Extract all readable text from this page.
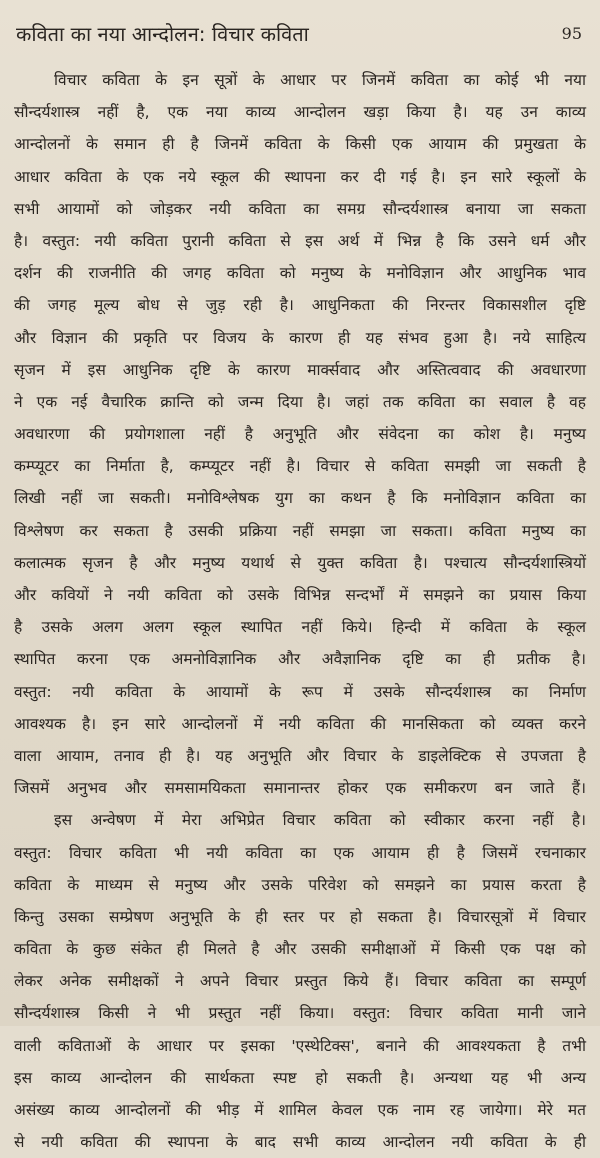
कविता का नया आन्दोलन: विचार कविता	95
विचार कविता के इन सूत्रों के आधार पर जिनमें कविता का कोई भी नया
सौन्दर्यशास्त्र नहीं है, एक नया काव्य आन्दोलन खड़ा किया है। यह उन काव्य
आन्दोलनों के समान ही है जिनमें कविता के किसी एक आयाम की प्रमुखता के
आधार कविता के एक नये स्कूल की स्थापना कर दी गई है। इन सारे स्कूलों के
सभी आयामों को जोड़कर नयी कविता का समग्र सौन्दर्यशास्त्र बनाया जा सकता
है। वस्तुत: नयी कविता पुरानी कविता से इस अर्थ में भिन्न है कि उसने धर्म और
दर्शन की राजनीति की जगह कविता को मनुष्य के मनोविज्ञान और आधुनिक भाव
की जगह मूल्य बोध से जुड़ रही है। आधुनिकता की निरन्तर विकासशील दृष्टि
और विज्ञान की प्रकृति पर विजय के कारण ही यह संभव हुआ है। नये साहित्य
सृजन में इस आधुनिक दृष्टि के कारण मार्क्सवाद और अस्तित्ववाद की अवधारणा
ने एक नई वैचारिक क्रान्ति को जन्म दिया है। जहां तक कविता का सवाल है वह
अवधारणा की प्रयोगशाला नहीं है अनुभूति और संवेदना का कोश है। मनुष्य
कम्प्यूटर का निर्माता है, कम्प्यूटर नहीं है। विचार से कविता समझी जा सकती है
लिखी नहीं जा सकती। मनोविश्लेषक युग का कथन है कि मनोविज्ञान कविता का
विश्लेषण कर सकता है उसकी प्रक्रिया नहीं समझा जा सकता। कविता मनुष्य का
कलात्मक सृजन है और मनुष्य यथार्थ से युक्त कविता है। पश्चात्य सौन्दर्यशास्त्रियों
और कवियों ने नयी कविता को उसके विभिन्न सन्दर्भों में समझने का प्रयास किया
है उसके अलग अलग स्कूल स्थापित नहीं किये। हिन्दी में कविता के स्कूल
स्थापित करना एक अमनोविज्ञानिक और अवैज्ञानिक दृष्टि का ही प्रतीक है।
वस्तुत: नयी कविता के आयामों के रूप में उसके सौन्दर्यशास्त्र का निर्माण
आवश्यक है। इन सारे आन्दोलनों में नयी कविता की मानसिकता को व्यक्त करने
वाला आयाम, तनाव ही है। यह अनुभूति और विचार के डाइलेक्टिक से उपजता है
जिसमें अनुभव और समसामयिकता समानान्तर होकर एक समीकरण बन जाते हैं।
इस अन्वेषण में मेरा अभिप्रेत विचार कविता को स्वीकार करना नहीं है।
वस्तुत: विचार कविता भी नयी कविता का एक आयाम ही है जिसमें रचनाकार
कविता के माध्यम से मनुष्य और उसके परिवेश को समझने का प्रयास करता है
किन्तु उसका सम्प्रेषण अनुभूति के ही स्तर पर हो सकता है। विचारसूत्रों में विचार
कविता के कुछ संकेत ही मिलते है और उसकी समीक्षाओं में किसी एक पक्ष को
लेकर अनेक समीक्षकों ने अपने विचार प्रस्तुत किये हैं। विचार कविता का सम्पूर्ण
सौन्दर्यशास्त्र किसी ने भी प्रस्तुत नहीं किया। वस्तुत: विचार कविता मानी जाने
वाली कविताओं के आधार पर इसका 'एस्थेटिक्स', बनाने की आवश्यकता है तभी
इस काव्य आन्दोलन की सार्थकता स्पष्ट हो सकती है। अन्यथा यह भी अन्य
असंख्य काव्य आन्दोलनों की भीड़ में शामिल केवल एक नाम रह जायेगा। मेरे मत
से नयी कविता की स्थापना के बाद सभी काव्य आन्दोलन नयी कविता के ही
